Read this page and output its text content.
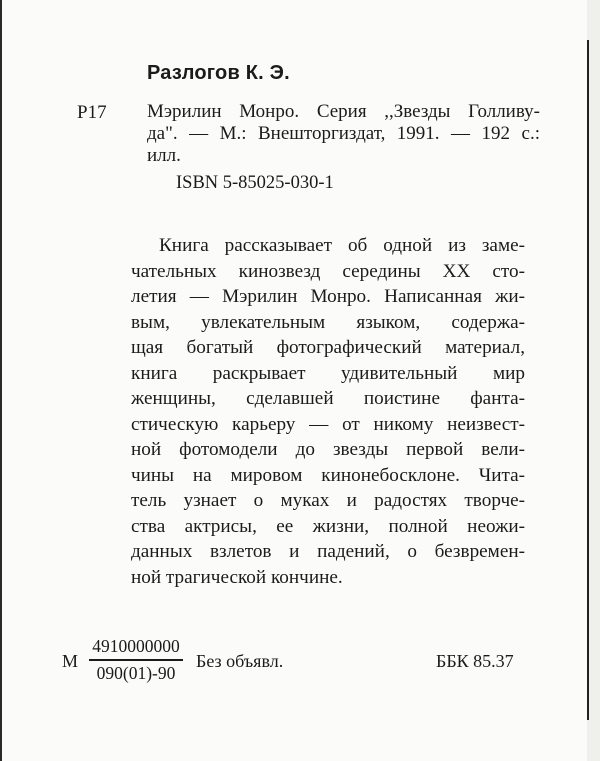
Разлогов К. Э.
P17 Мэрилин Монро. Серия ,,Звезды Голливу-
да". — М.: Внешторгиздат, 1991. — 192 с.:
илл.
ISBN 5-85025-030-1
Книга рассказывает об одной из заме-
чательных кинозвезд середины XX сто-
летия — Мэрилин Монро. Написанная жи-
вым, увлекательным языком, содержа-
щая богатый фотографический материал,
книга раскрывает удивительный мир
женщины, сделавшей поистине фанта-
стическую карьеру — от никому неизвест-
ной фотомодели до звезды первой вели-
чины на мировом кинонебосклоне. Чита-
тель узнает о муках и радостях творче-
ства актрисы, ее жизни, полной неожи-
данных взлетов и падений, о безвремен-
ной трагической кончине.
М $\frac{4910000000}{090(01)-90}$ Без объявл.	ББК 85.37
